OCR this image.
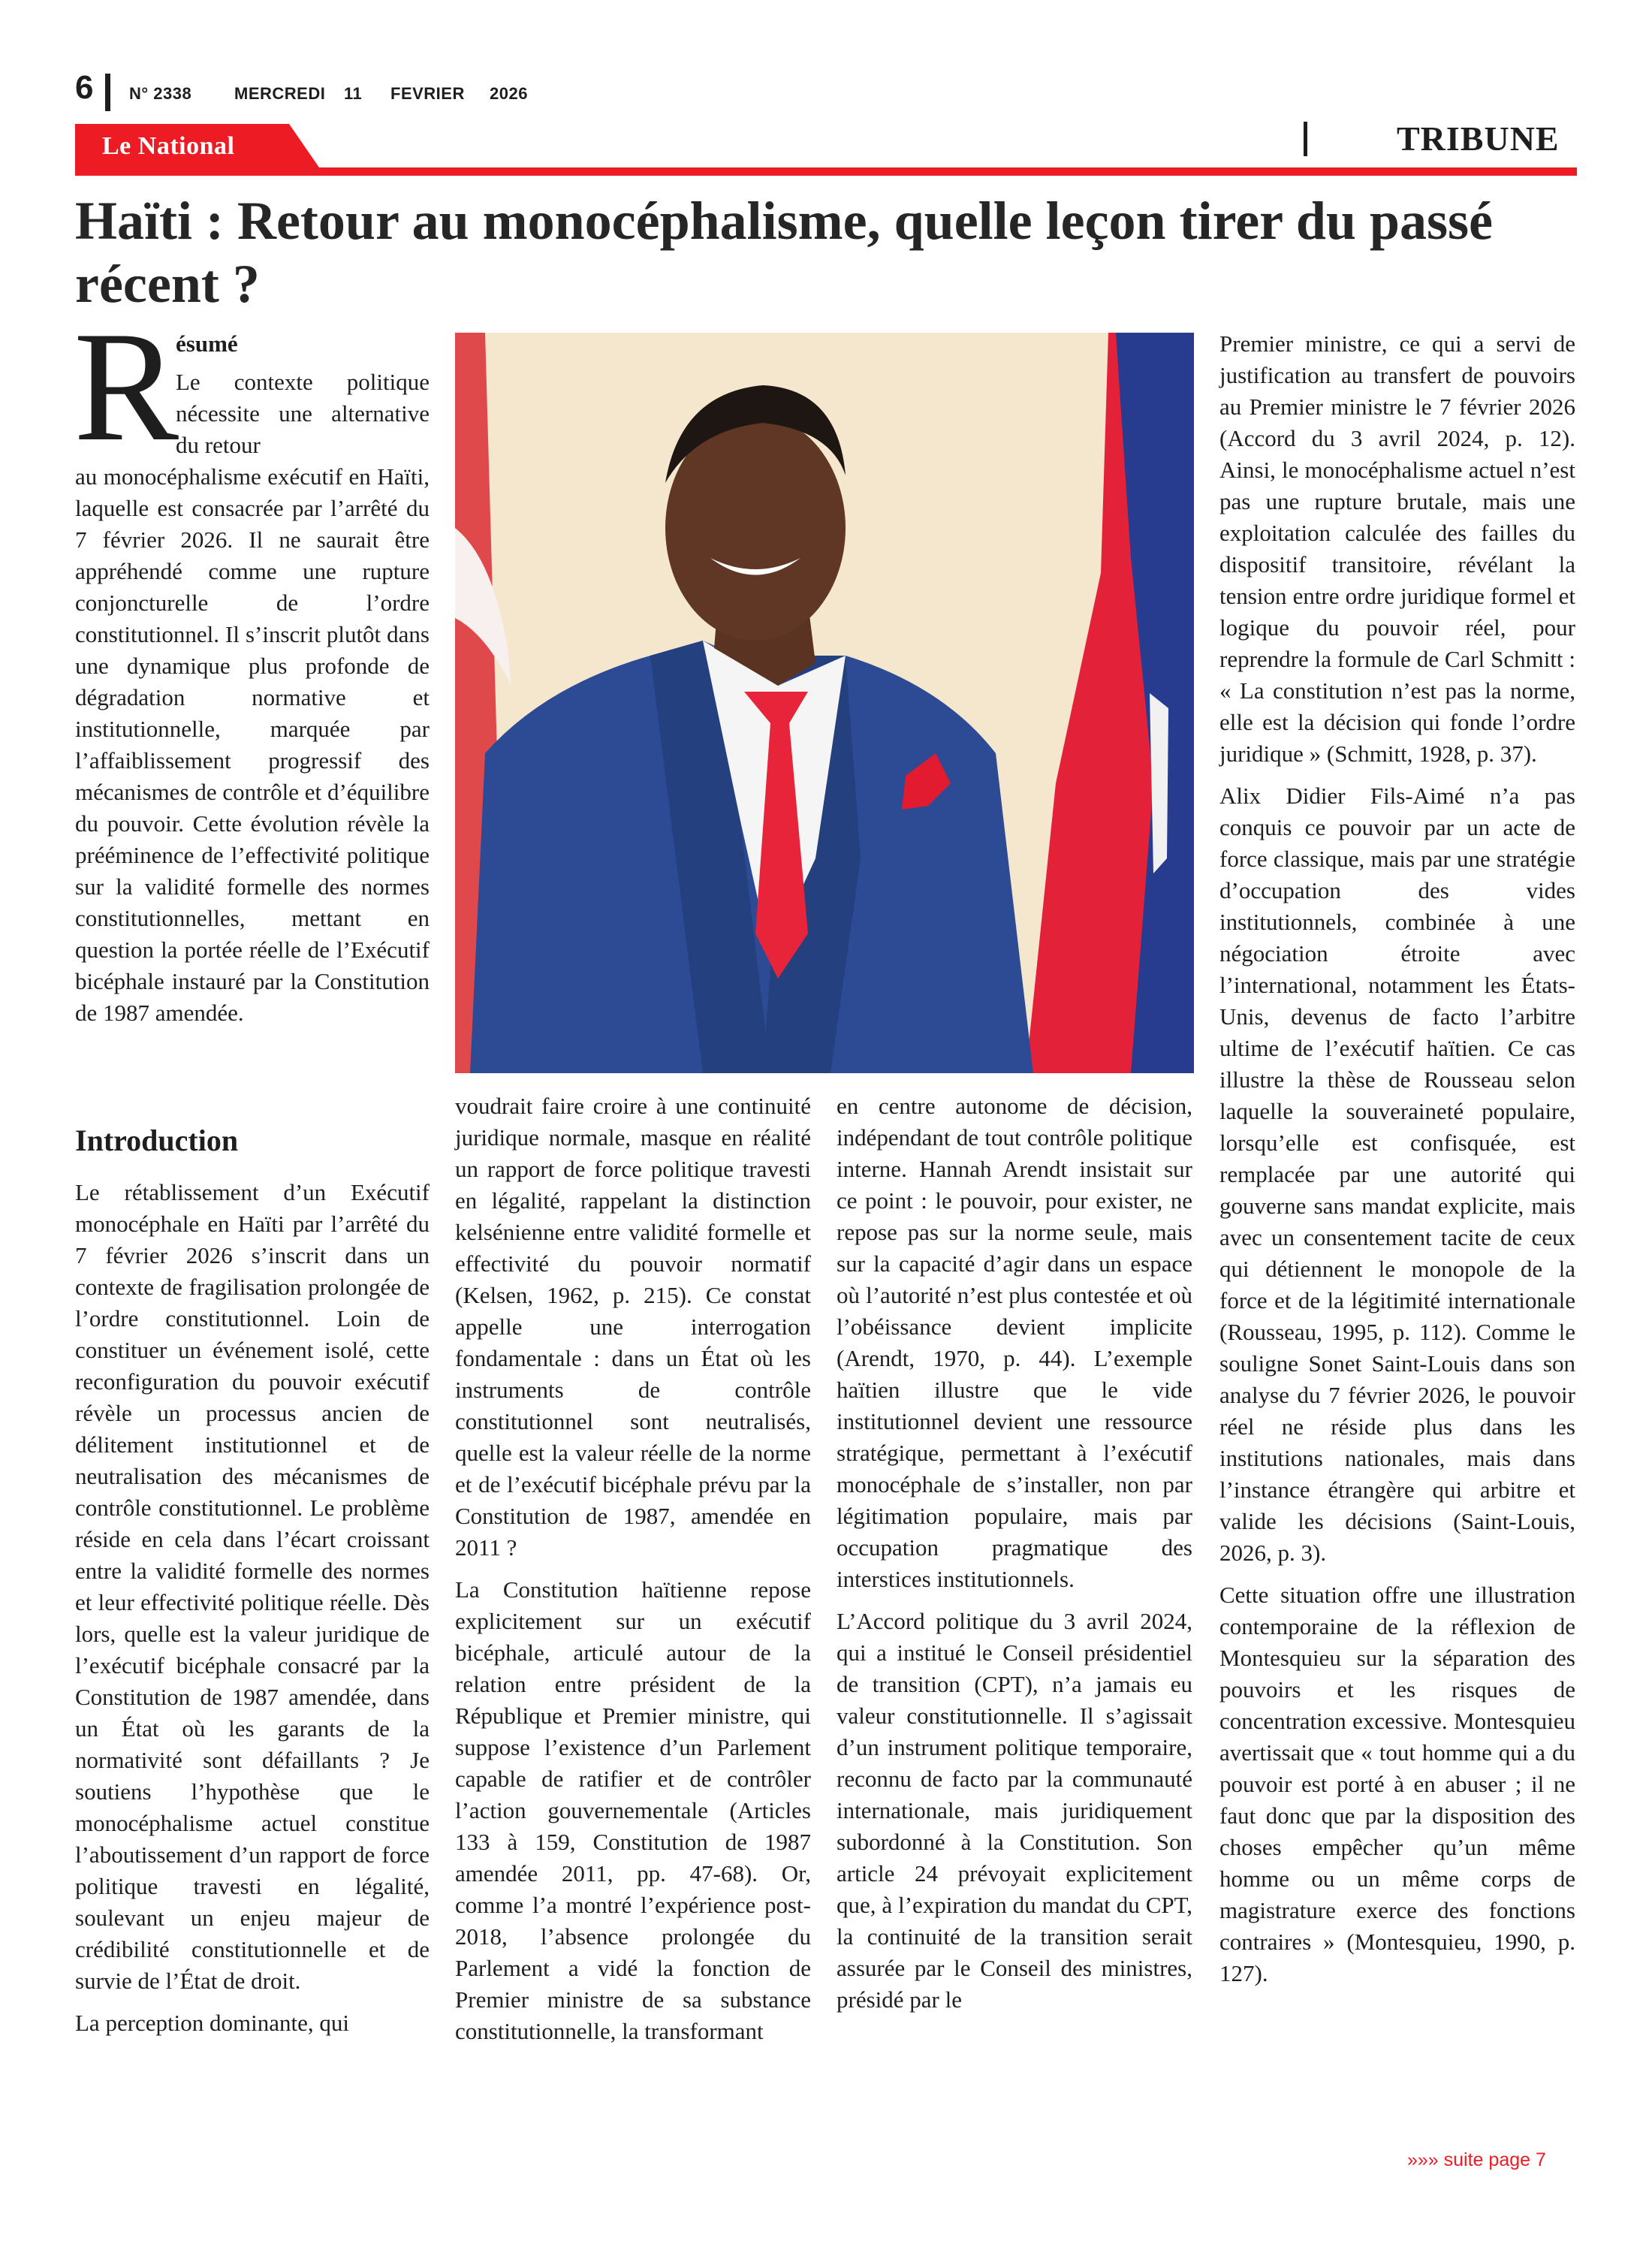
6 N° 2338	MERCREDI 11 FEVRIER 2026
Le National	TRIBUNE
Haïti : Retour au monocéphalisme, quelle leçon tirer du passé récent ?
R
ésumé
Le contexte politique nécessite une alternative du retour
au monocéphalisme exécutif en Haïti, laquelle est consacrée par l’arrêté du 7 février 2026. Il ne saurait être appréhendé comme une rupture conjoncturelle de l’ordre constitutionnel. Il s’inscrit plutôt dans une dynamique plus profonde de dégradation normative et institutionnelle, marquée par l’affaiblissement progressif des mécanismes de contrôle et d’équilibre du pouvoir. Cette évolution révèle la prééminence de l’effectivité politique sur la validité formelle des normes constitutionnelles, mettant en question la portée réelle de l’Exécutif bicéphale instauré par la Constitution de 1987 amendée.
Introduction

Le rétablissement d’un Exécutif monocéphale en Haïti par l’arrêté du 7 février 2026 s’inscrit dans un contexte de fragilisation prolongée de l’ordre constitutionnel. Loin de constituer un événement isolé, cette reconfiguration du pouvoir exécutif révèle un processus ancien de délitement institutionnel et de neutralisation des mécanismes de contrôle constitutionnel. Le problème réside en cela dans l’écart croissant entre la validité formelle des normes et leur effectivité politique réelle. Dès lors, quelle est la valeur juridique de l’exécutif bicéphale consacré par la Constitution de 1987 amendée, dans un État où les garants de la normativité sont défaillants ? Je soutiens l’hypothèse que le monocéphalisme actuel constitue l’aboutissement d’un rapport de force politique travesti en légalité, soulevant un enjeu majeur de crédibilité constitutionnelle et de survie de l’État de droit.

La perception dominante, qui

voudrait faire croire à une continuité juridique normale, masque en réalité un rapport de force politique travesti en légalité, rappelant la distinction kelsénienne entre validité formelle et effectivité du pouvoir normatif (Kelsen, 1962, p. 215). Ce constat appelle une interrogation fondamentale : dans un État où les instruments de contrôle constitutionnel sont neutralisés, quelle est la valeur réelle de la norme et de l’exécutif bicéphale prévu par la Constitution de 1987, amendée en 2011 ?

La Constitution haïtienne repose explicitement sur un exécutif bicéphale, articulé autour de la relation entre président de la République et Premier ministre, qui suppose l’existence d’un Parlement capable de ratifier et de contrôler l’action gouvernementale (Articles 133 à 159, Constitution de 1987 amendée 2011, pp. 47-68). Or, comme l’a montré l’expérience post-2018, l’absence prolongée du Parlement a vidé la fonction de Premier ministre de sa substance constitutionnelle, la transformant

en centre autonome de décision, indépendant de tout contrôle politique interne. Hannah Arendt insistait sur ce point : le pouvoir, pour exister, ne repose pas sur la norme seule, mais sur la capacité d’agir dans un espace où l’autorité n’est plus contestée et où l’obéissance devient implicite (Arendt, 1970, p. 44). L’exemple haïtien illustre que le vide institutionnel devient une ressource stratégique, permettant à l’exécutif monocéphale de s’installer, non par légitimation populaire, mais par occupation pragmatique des interstices institutionnels.

L’Accord politique du 3 avril 2024, qui a institué le Conseil présidentiel de transition (CPT), n’a jamais eu valeur constitutionnelle. Il s’agissait d’un instrument politique temporaire, reconnu de facto par la communauté internationale, mais juridiquement subordonné à la Constitution. Son article 24 prévoyait explicitement que, à l’expiration du mandat du CPT, la continuité de la transition serait assurée par le Conseil des ministres, présidé par le

Premier ministre, ce qui a servi de justification au transfert de pouvoirs au Premier ministre le 7 février 2026 (Accord du 3 avril 2024, p. 12). Ainsi, le monocéphalisme actuel n’est pas une rupture brutale, mais une exploitation calculée des failles du dispositif transitoire, révélant la tension entre ordre juridique formel et logique du pouvoir réel, pour reprendre la formule de Carl Schmitt : « La constitution n’est pas la norme, elle est la décision qui fonde l’ordre juridique » (Schmitt, 1928, p. 37).

Alix Didier Fils-Aimé n’a pas conquis ce pouvoir par un acte de force classique, mais par une stratégie d’occupation des vides institutionnels, combinée à une négociation étroite avec l’international, notamment les États-Unis, devenus de facto l’arbitre ultime de l’exécutif haïtien. Ce cas illustre la thèse de Rousseau selon laquelle la souveraineté populaire, lorsqu’elle est confisquée, est remplacée par une autorité qui gouverne sans mandat explicite, mais avec un consentement tacite de ceux qui détiennent le monopole de la force et de la légitimité internationale (Rousseau, 1995, p. 112). Comme le souligne Sonet Saint-Louis dans son analyse du 7 février 2026, le pouvoir réel ne réside plus dans les institutions nationales, mais dans l’instance étrangère qui arbitre et valide les décisions (Saint-Louis, 2026, p. 3).

Cette situation offre une illustration contemporaine de la réflexion de Montesquieu sur la séparation des pouvoirs et les risques de concentration excessive. Montesquieu avertissait que « tout homme qui a du pouvoir est porté à en abuser ; il ne faut donc que par la disposition des choses empêcher qu’un même homme ou un même corps de magistrature exerce des fonctions contraires » (Montesquieu, 1990, p. 127).

»»» suite page 7
